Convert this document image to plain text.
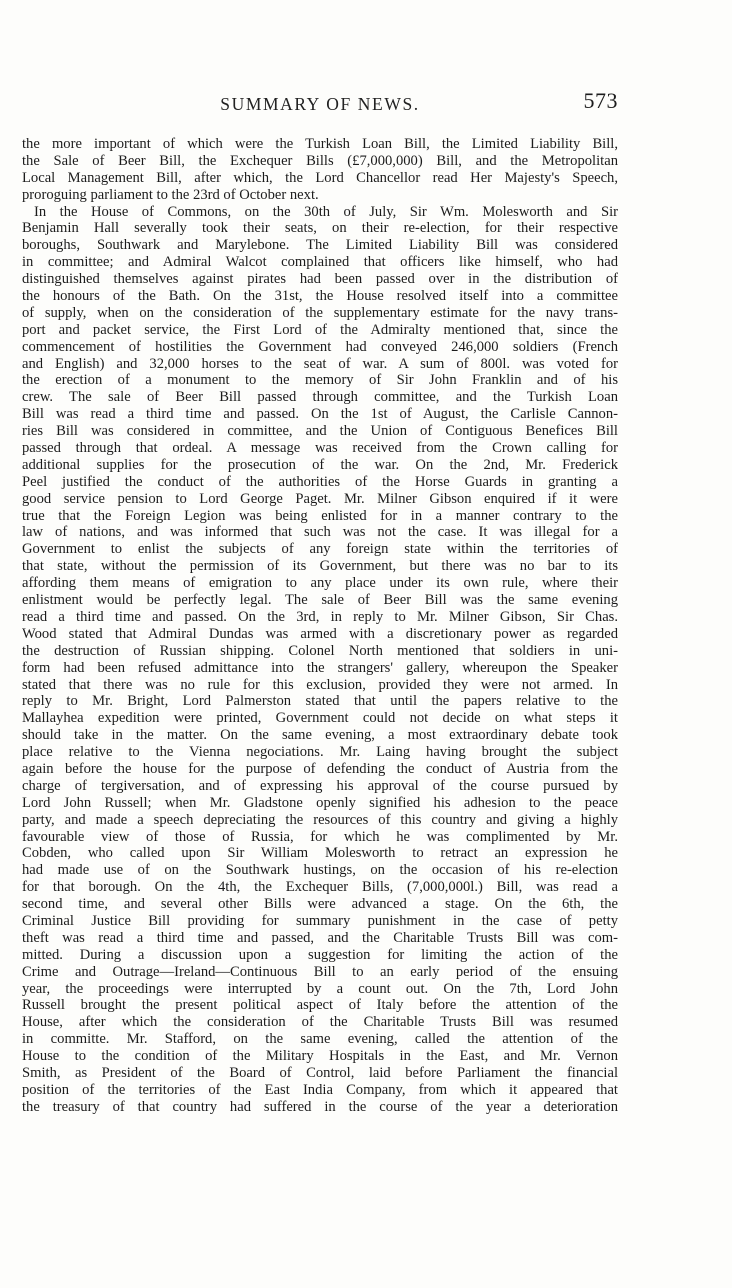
SUMMARY OF NEWS.	573
the more important of which were the Turkish Loan Bill, the Limited Liability Bill,
the Sale of Beer Bill, the Exchequer Bills (£7,000,000) Bill, and the Metropolitan
Local Management Bill, after which, the Lord Chancellor read Her Majesty's Speech,
proroguing parliament to the 23rd of October next.
In the House of Commons, on the 30th of July, Sir Wm. Molesworth and Sir
Benjamin Hall severally took their seats, on their re-election, for their respective
boroughs, Southwark and Marylebone. The Limited Liability Bill was considered
in committee; and Admiral Walcot complained that officers like himself, who had
distinguished themselves against pirates had been passed over in the distribution of
the honours of the Bath. On the 31st, the House resolved itself into a committee
of supply, when on the consideration of the supplementary estimate for the navy trans-
port and packet service, the First Lord of the Admiralty mentioned that, since the
commencement of hostilities the Government had conveyed 246,000 soldiers (French
and English) and 32,000 horses to the seat of war. A sum of 800l. was voted for
the erection of a monument to the memory of Sir John Franklin and of his
crew. The sale of Beer Bill passed through committee, and the Turkish Loan
Bill was read a third time and passed. On the 1st of August, the Carlisle Cannon-
ries Bill was considered in committee, and the Union of Contiguous Benefices Bill
passed through that ordeal. A message was received from the Crown calling for
additional supplies for the prosecution of the war. On the 2nd, Mr. Frederick
Peel justified the conduct of the authorities of the Horse Guards in granting a
good service pension to Lord George Paget. Mr. Milner Gibson enquired if it were
true that the Foreign Legion was being enlisted for in a manner contrary to the
law of nations, and was informed that such was not the case. It was illegal for a
Government to enlist the subjects of any foreign state within the territories of
that state, without the permission of its Government, but there was no bar to its
affording them means of emigration to any place under its own rule, where their
enlistment would be perfectly legal. The sale of Beer Bill was the same evening
read a third time and passed. On the 3rd, in reply to Mr. Milner Gibson, Sir Chas.
Wood stated that Admiral Dundas was armed with a discretionary power as regarded
the destruction of Russian shipping. Colonel North mentioned that soldiers in uni-
form had been refused admittance into the strangers' gallery, whereupon the Speaker
stated that there was no rule for this exclusion, provided they were not armed. In
reply to Mr. Bright, Lord Palmerston stated that until the papers relative to the
Mallayhea expedition were printed, Government could not decide on what steps it
should take in the matter. On the same evening, a most extraordinary debate took
place relative to the Vienna negociations. Mr. Laing having brought the subject
again before the house for the purpose of defending the conduct of Austria from the
charge of tergiversation, and of expressing his approval of the course pursued by
Lord John Russell; when Mr. Gladstone openly signified his adhesion to the peace
party, and made a speech depreciating the resources of this country and giving a highly
favourable view of those of Russia, for which he was complimented by Mr.
Cobden, who called upon Sir William Molesworth to retract an expression he
had made use of on the Southwark hustings, on the occasion of his re-election
for that borough. On the 4th, the Exchequer Bills, (7,000,000l.) Bill, was read a
second time, and several other Bills were advanced a stage. On the 6th, the
Criminal Justice Bill providing for summary punishment in the case of petty
theft was read a third time and passed, and the Charitable Trusts Bill was com-
mitted. During a discussion upon a suggestion for limiting the action of the
Crime and Outrage—Ireland—Continuous Bill to an early period of the ensuing
year, the proceedings were interrupted by a count out. On the 7th, Lord John
Russell brought the present political aspect of Italy before the attention of the
House, after which the consideration of the Charitable Trusts Bill was resumed
in committe. Mr. Stafford, on the same evening, called the attention of the
House to the condition of the Military Hospitals in the East, and Mr. Vernon
Smith, as President of the Board of Control, laid before Parliament the financial
position of the territories of the East India Company, from which it appeared that
the treasury of that country had suffered in the course of the year a deterioration
